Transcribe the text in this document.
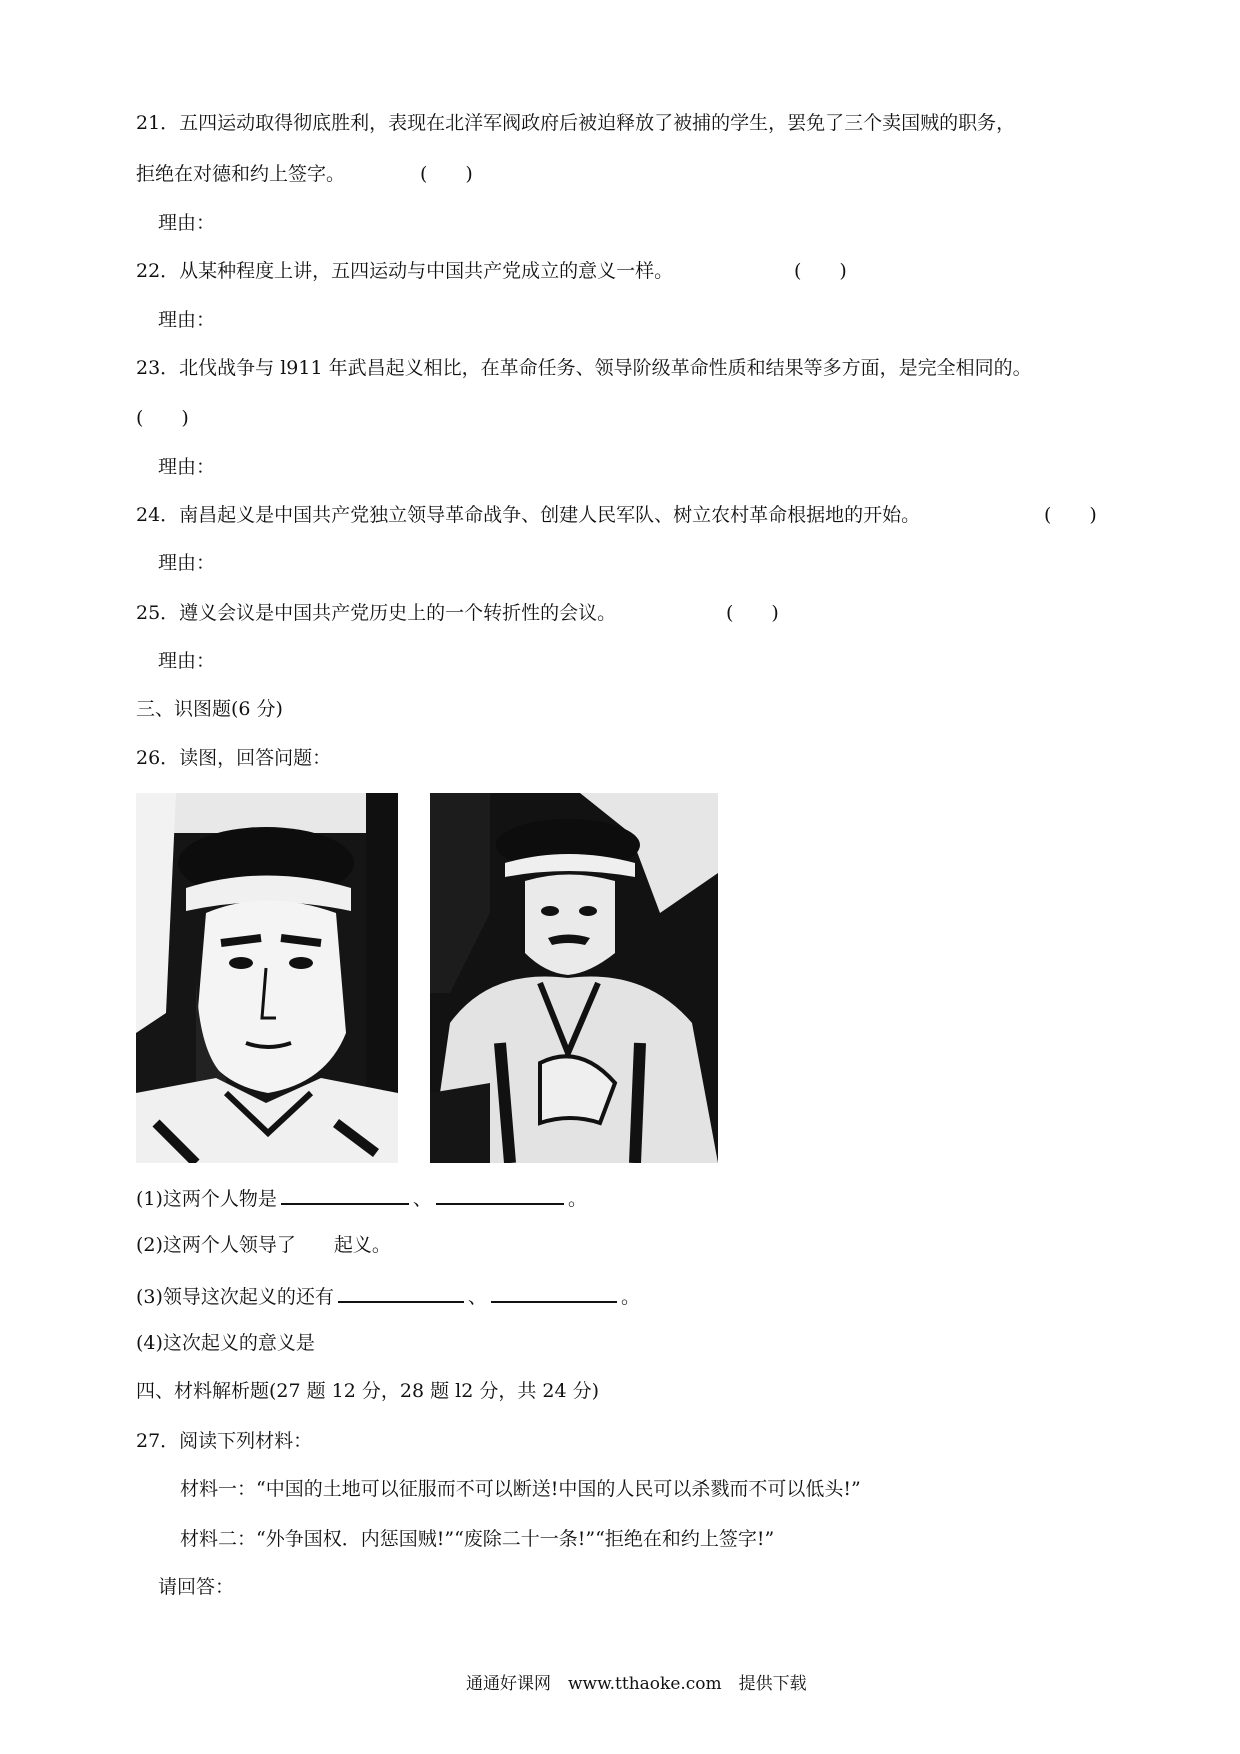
21．五四运动取得彻底胜利，表现在北洋军阀政府后被迫释放了被捕的学生，罢免了三个卖国贼的职务，
拒绝在对德和约上签字。	(　　)
理由：
22．从某种程度上讲，五四运动与中国共产党成立的意义一样。	(　　)
理由：
23．北伐战争与 l911 年武昌起义相比，在革命任务、领导阶级革命性质和结果等多方面，是完全相同的。
(　　)
理由：
24．南昌起义是中国共产党独立领导革命战争、创建人民军队、树立农村革命根据地的开始。	(　　)
理由：
25．遵义会议是中国共产党历史上的一个转折性的会议。	(　　)
理由：
三、识图题(6 分)
26．读图，回答问题：
(1)这两个人物是	、	。
(2)这两个人领导了　　起义。
(3)领导这次起义的还有	、	。
(4)这次起义的意义是
四、材料解析题(27 题 12 分，28 题 l2 分，共 24 分)
27．阅读下列材料：
材料一：“中国的土地可以征服而不可以断送!中国的人民可以杀戮而不可以低头!”
材料二：“外争国权．内惩国贼!”“废除二十一条!”“拒绝在和约上签字!”
请回答：
通通好课网　www.tthaoke.com　提供下载
